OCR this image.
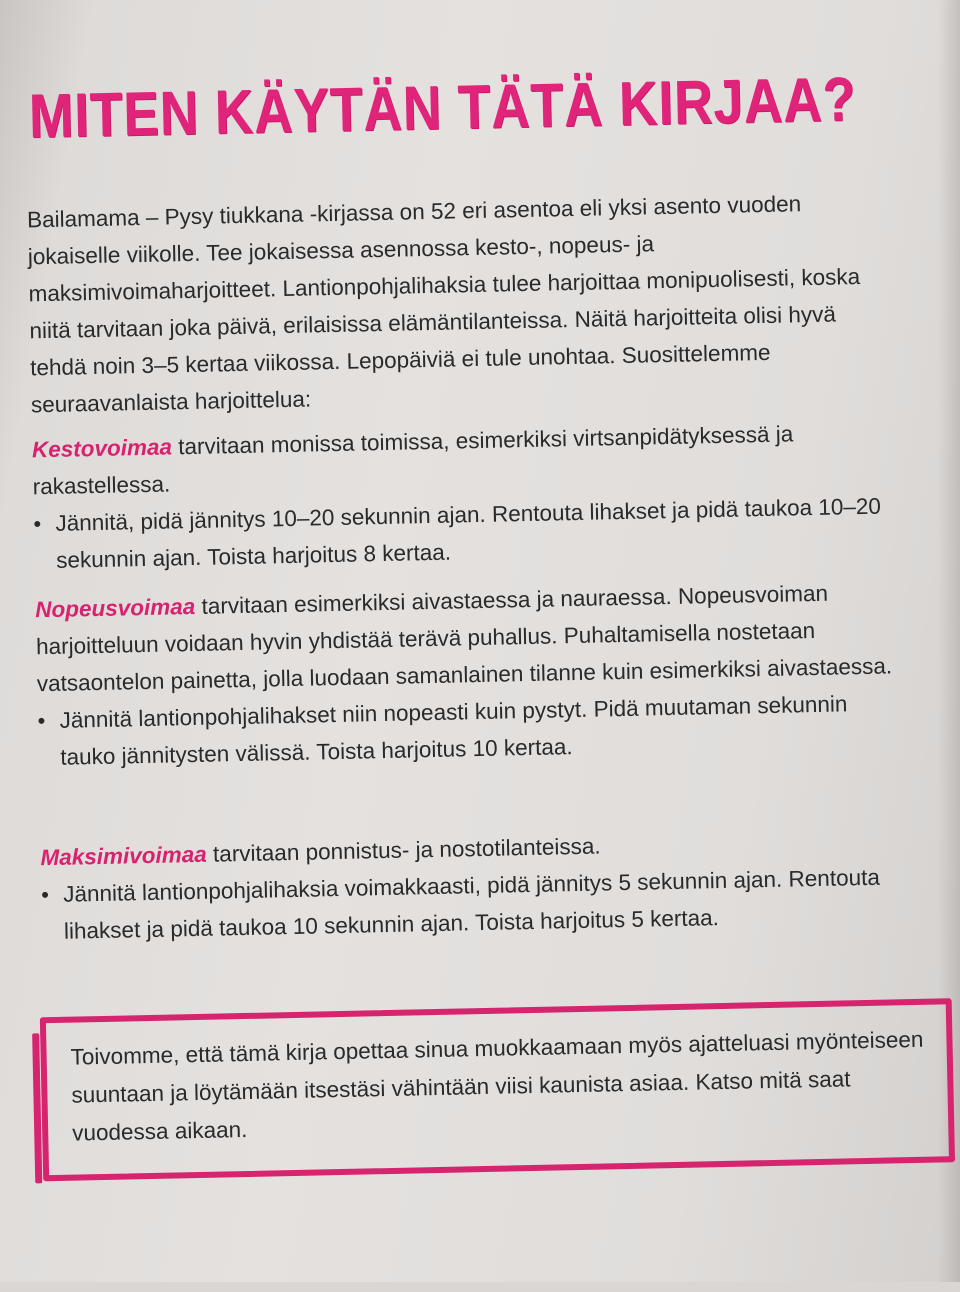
MITEN KÄYTÄN TÄTÄ KIRJAA?

Bailamama – Pysy tiukkana -kirjassa on 52 eri asentoa eli yksi asento vuoden jokaiselle viikolle. Tee jokaisessa asennossa kesto-, nopeus- ja maksimivoimaharjoitteet. Lantionpohjalihaksia tulee harjoittaa monipuolisesti, koska niitä tarvitaan joka päivä, erilaisissa elämäntilanteissa. Näitä harjoitteita olisi hyvä tehdä noin 3–5 kertaa viikossa. Lepopäiviä ei tule unohtaa. Suosittelemme seuraavanlaista harjoittelua:

Kestovoimaa tarvitaan monissa toimissa, esimerkiksi virtsanpidätyksessä ja rakastellessa.
• Jännitä, pidä jännitys 10–20 sekunnin ajan. Rentouta lihakset ja pidä taukoa 10–20 sekunnin ajan. Toista harjoitus 8 kertaa.
Nopeusvoimaa tarvitaan esimerkiksi aivastaessa ja nauraessa. Nopeusvoiman harjoitteluun voidaan hyvin yhdistää terävä puhallus. Puhaltamisella nostetaan vatsaontelon painetta, jolla luodaan samanlainen tilanne kuin esimerkiksi aivastaessa.
• Jännitä lantionpohjalihakset niin nopeasti kuin pystyt. Pidä muutaman sekunnin tauko jännitysten välissä. Toista harjoitus 10 kertaa.
Maksimivoimaa tarvitaan ponnistus- ja nostotilanteissa.
• Jännitä lantionpohjalihaksia voimakkaasti, pidä jännitys 5 sekunnin ajan. Rentouta lihakset ja pidä taukoa 10 sekunnin ajan. Toista harjoitus 5 kertaa.

Toivomme, että tämä kirja opettaa sinua muokkaamaan myös ajatteluasi myönteiseen suuntaan ja löytämään itsestäsi vähintään viisi kaunista asiaa. Katso mitä saat vuodessa aikaan.
